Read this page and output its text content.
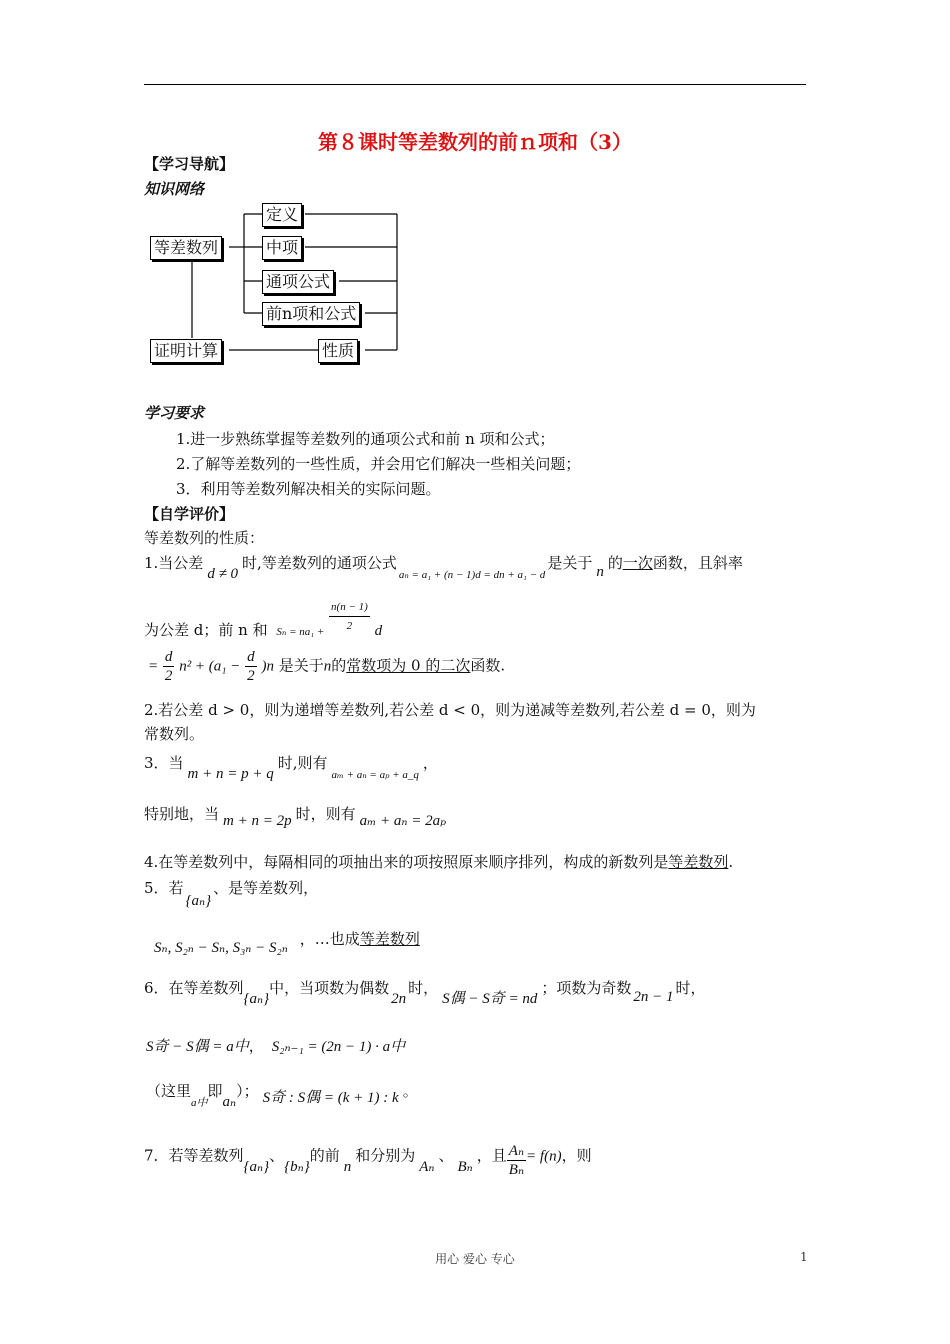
第８课时等差数列的前ｎ项和（3）
【学习导航】
知识网络
等差数列
定义
中项
通项公式
前n项和公式
证明计算	性质
学习要求
1.进一步熟练掌握等差数列的通项公式和前 n 项和公式；
2.了解等差数列的一些性质，并会用它们解决一些相关问题；
3．利用等差数列解决相关的实际问题。
【自学评价】
等差数列的性质：
1.当公差d ≠ 0时,等差数列的通项公式$_{a_n = a_1 + (n - 1)d = dn + a_1 - d}$是关于 n 的一次函数，且斜率
为公差 d；前 n 和 $_{S_n = na_1 +} \frac{n(n - 1)}{2}$ d
= $\frac{d}{2} n^2 + (a_1 - \frac{d}{2} )n$ 是关于n的常数项为 0 的二次函数.
2.若公差 d > 0，则为递增等差数列,若公差 d < 0，则为递减等差数列,若公差 d = 0，则为
常数列。
3．当m + n = p + q时,则有$_{a_m + a_n = a_p + a\_q}$，
特别地，当 m + n = 2p 时，则有 aₘ + aₙ = 2aₚ
4.在等差数列中，每隔相同的项抽出来的项按照原来顺序排列，构成的新数列是等差数列.
5．若{aₙ}、是等差数列，
Sₙ, S₂ₙ − Sₙ, S₃ₙ − S₂ₙ ，…也成等差数列
6．在等差数列{aₙ}中，当项数为偶数2n时，S偶 − S奇 = nd；项数为奇数 2n − 1 时，
S奇 − S偶 = a中， S₂ₙ₋₁ = (2n − 1) · a中
（这里$_{a中}$即aₙ）； S奇 : S偶 = (k + 1) : k 。
7．若等差数列{aₙ}、{bₙ}的前n和分别为Aₙ、Bₙ，且 $\frac{\text{Aₙ}}{\text{Bₙ}} = f(n)$，则
用心 爱心 专心	1
